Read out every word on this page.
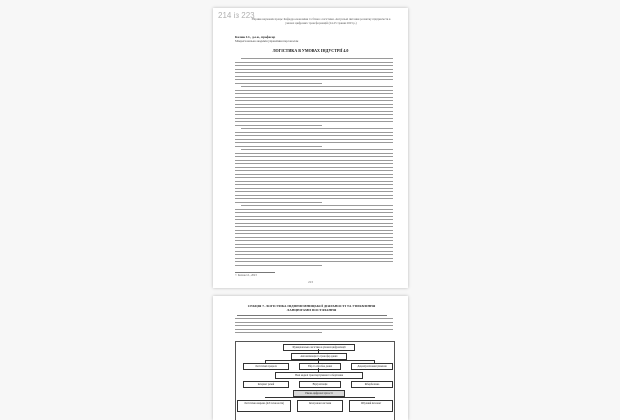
214 із 223
Збірник наукових праць: Кафедра економіки та бізнес-логістики. Актуальні питання розвитку підприємств в умовах цифрових трансформацій (24-25 травня 2023 р.)
Калюк І.І., д.е.н., професор
Міжрегіональна академія управління персоналом
ЛОГІСТИКА В УМОВАХ ІНДУСТРІЇ 4.0
© Калюк І.І., 2023
213
СЕКЦІЯ 7. ЛОГІСТИКА ПІДПРИЄМНИЦЬКОЇ ДІЯЛЬНОСТІ ТА УПРАВЛІННЯ ЛАНЦЮГАМИ ПОСТАЧАННЯ
Функціональна логістика в умовах цифровізації
Автоматизація та трансфер даних
Логістичні процеси	Збір та обробка даних	Децентралізовані рішення
Нові моделі транспортування та зберігання
Інтернет речей	Віртуалізація	Кібербезпека
Рівень цифрової зрілості
Логістична мережа (IoT-технологія)	Інтегровані системи	Штучний інтелект
